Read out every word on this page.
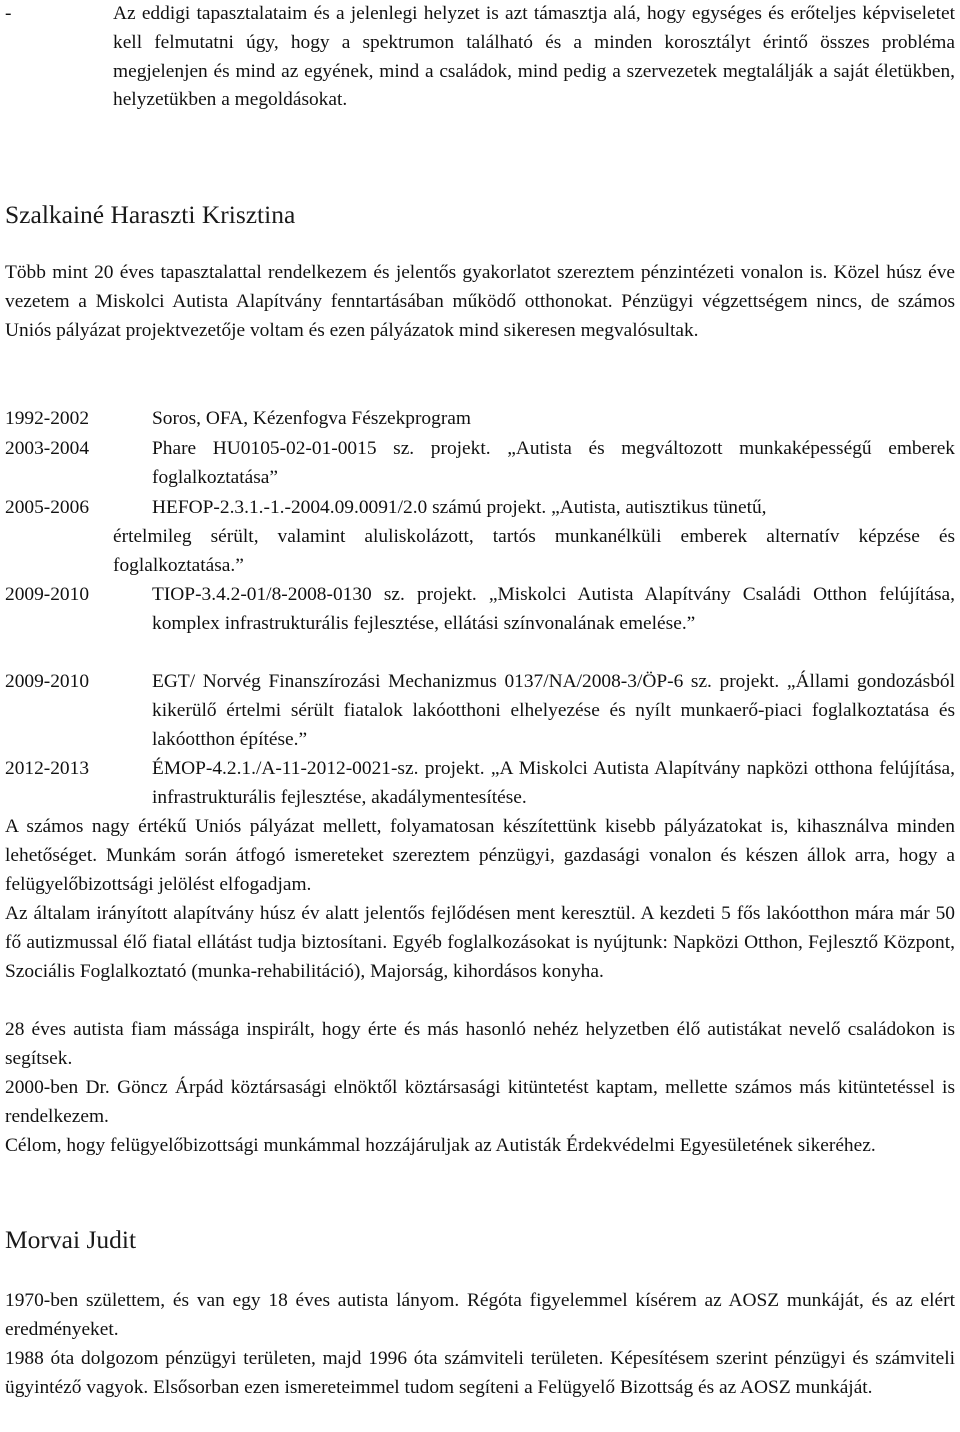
-	Az eddigi tapasztalataim és a jelenlegi helyzet is azt támasztja alá, hogy egységes és erőteljes képviseletet kell felmutatni úgy, hogy a spektrumon található és a minden korosztályt érintő összes probléma megjelenjen és mind az egyének, mind a családok, mind pedig a szervezetek megtalálják a saját életükben, helyzetükben a megoldásokat.
Szalkainé Haraszti Krisztina
Több mint 20 éves tapasztalattal rendelkezem és jelentős gyakorlatot szereztem pénzintézeti vonalon is. Közel húsz éve vezetem a Miskolci Autista Alapítvány fenntartásában működő otthonokat. Pénzügyi végzettségem nincs, de számos Uniós pályázat projektvezetője voltam és ezen pályázatok mind sikeresen megvalósultak.
1992-2002	Soros, OFA, Kézenfogva Fészekprogram
2003-2004	Phare HU0105-02-01-0015 sz. projekt. „Autista és megváltozott munkaképességű emberek foglalkoztatása”
2005-2006	HEFOP-2.3.1.-1.-2004.09.0091/2.0 számú projekt. „Autista, autisztikus tünetű,
értelmileg sérült, valamint aluliskolázott, tartós munkanélküli emberek alternatív képzése és foglalkoztatása.”
2009-2010	TIOP-3.4.2-01/8-2008-0130 sz. projekt. „Miskolci Autista Alapítvány Családi Otthon felújítása, komplex infrastrukturális fejlesztése, ellátási színvonalának emelése.”
2009-2010	EGT/ Norvég Finanszírozási Mechanizmus 0137/NA/2008-3/ÖP-6 sz. projekt. „Állami gondozásból kikerülő értelmi sérült fiatalok lakóotthoni elhelyezése és nyílt munkaerő-piaci foglalkoztatása és lakóotthon építése.”
2012-2013	ÉMOP-4.2.1./A-11-2012-0021-sz. projekt. „A Miskolci Autista Alapítvány napközi otthona felújítása, infrastrukturális fejlesztése, akadálymentesítése.
A számos nagy értékű Uniós pályázat mellett, folyamatosan készítettünk kisebb pályázatokat is, kihasználva minden lehetőséget. Munkám során átfogó ismereteket szereztem pénzügyi, gazdasági vonalon és készen állok arra, hogy a felügyelőbizottsági jelölést elfogadjam.
Az általam irányított alapítvány húsz év alatt jelentős fejlődésen ment keresztül. A kezdeti 5 fős lakóotthon mára már 50 fő autizmussal élő fiatal ellátást tudja biztosítani. Egyéb foglalkozásokat is nyújtunk: Napközi Otthon, Fejlesztő Központ, Szociális Foglalkoztató (munka-rehabilitáció), Majorság, kihordásos konyha.
28 éves autista fiam mássága inspirált, hogy érte és más hasonló nehéz helyzetben élő autistákat nevelő családokon is segítsek.
2000-ben Dr. Göncz Árpád köztársasági elnöktől köztársasági kitüntetést kaptam, mellette számos más kitüntetéssel is rendelkezem.
Célom, hogy felügyelőbizottsági munkámmal hozzájáruljak az Autisták Érdekvédelmi Egyesületének sikeréhez.
Morvai Judit
1970-ben születtem, és van egy 18 éves autista lányom. Régóta figyelemmel kísérem az AOSZ munkáját, és az elért eredményeket.
1988 óta dolgozom pénzügyi területen, majd 1996 óta számviteli területen. Képesítésem szerint pénzügyi és számviteli ügyintéző vagyok. Elsősorban ezen ismereteimmel tudom segíteni a Felügyelő Bizottság és az AOSZ munkáját.
